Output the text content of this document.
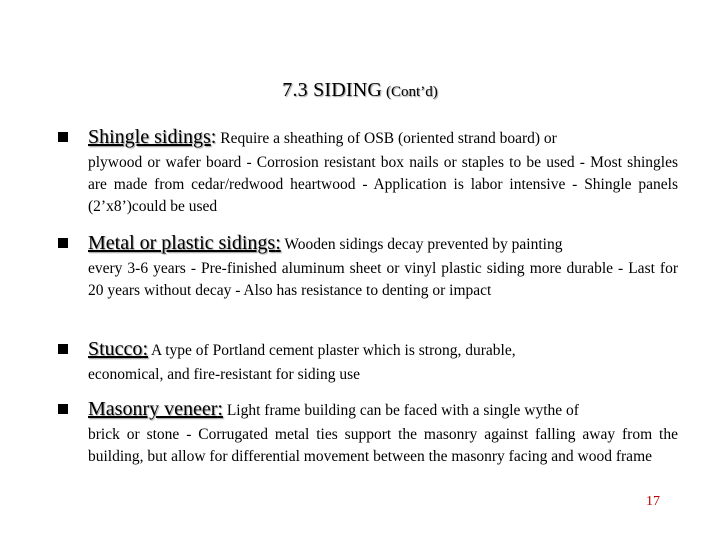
7.3 SIDING (Cont’d)
Shingle sidings: Require a sheathing of OSB (oriented strand board) or
plywood or wafer board - Corrosion resistant box nails or staples to be used - Most shingles are made from cedar/redwood heartwood - Application is labor intensive - Shingle panels (2’x8’)could be used
Metal or plastic sidings: Wooden sidings decay prevented by painting
every 3-6 years - Pre-finished aluminum sheet or vinyl plastic siding more durable - Last for 20 years without decay - Also has resistance to denting or impact
Stucco: A type of Portland cement plaster which is strong, durable,
economical, and fire-resistant for siding use
Masonry veneer: Light frame building can be faced with a single wythe of
brick or stone - Corrugated metal ties support the masonry against falling away from the building, but allow for differential movement between the masonry facing and wood frame
17
